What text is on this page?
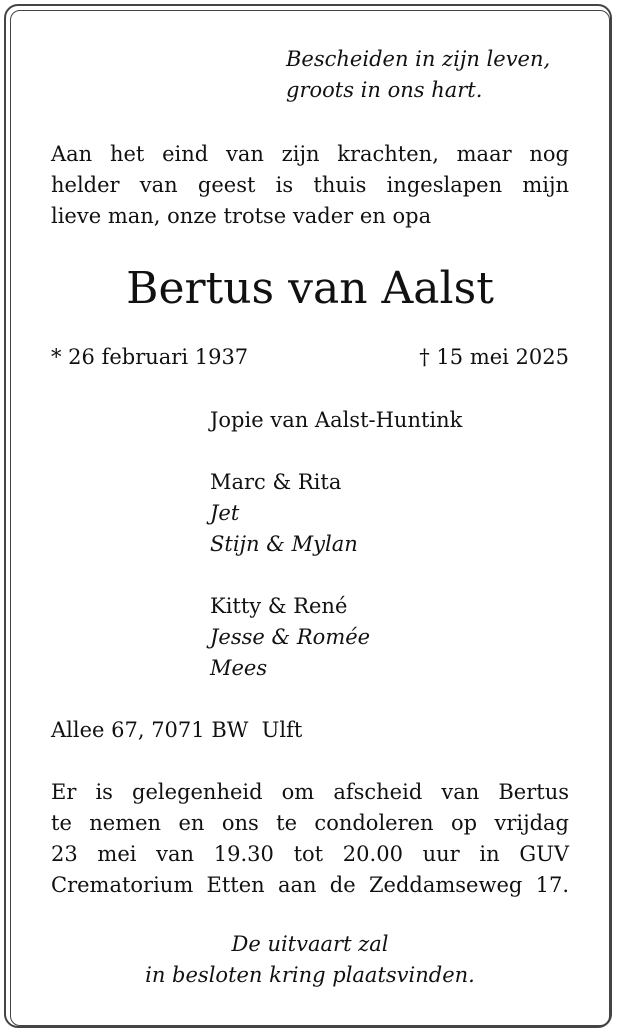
Bescheiden in zijn leven,
groots in ons hart.
Aan het eind van zijn krachten, maar nog
helder van geest is thuis ingeslapen mijn
lieve man, onze trotse vader en opa
Bertus van Aalst
* 26 februari 1937	† 15 mei 2025
Jopie van Aalst-Huntink
Marc & Rita
Jet
Stijn & Mylan
Kitty & René
Jesse & Romée
Mees
Allee 67, 7071 BW  Ulft
Er is gelegenheid om afscheid van Bertus
te nemen en ons te condoleren op vrijdag
23 mei van 19.30 tot 20.00 uur in GUV
Crematorium Etten aan de Zeddamseweg 17.
De uitvaart zal
in besloten kring plaatsvinden.
